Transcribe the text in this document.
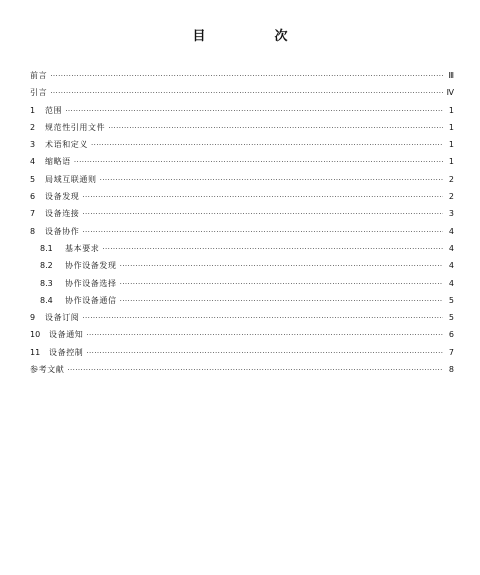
目　次
前言 ·····	Ⅲ
引言 ·····	Ⅳ
1	范围 ·····	1
2	规范性引用文件 ·····	1
3	术语和定义 ·····	1
4	缩略语 ·····	1
5	局域互联通则 ·····	2
6	设备发现 ·····	2
7	设备连接 ·····	3
8	设备协作 ·····	4
8.1	基本要求 ·····	4
8.2	协作设备发现 ·····	4
8.3	协作设备选择 ·····	4
8.4	协作设备通信 ·····	5
9	设备订阅 ·····	5
10	设备通知 ·····	6
11	设备控制 ·····	7
参考文献 ·····	8
